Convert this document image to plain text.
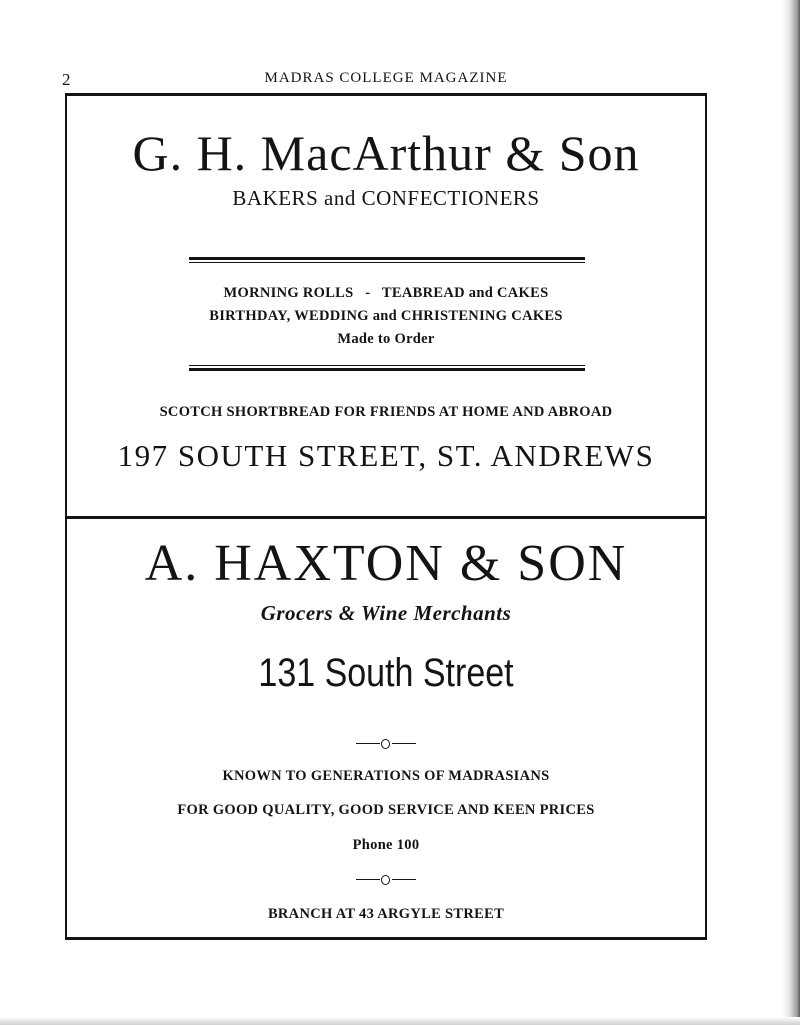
2	MADRAS COLLEGE MAGAZINE
G. H. MacArthur & Son
BAKERS and CONFECTIONERS
MORNING ROLLS   -   TEABREAD and CAKES
BIRTHDAY, WEDDING and CHRISTENING CAKES
Made to Order
SCOTCH SHORTBREAD FOR FRIENDS AT HOME AND ABROAD
197 SOUTH STREET, ST. ANDREWS
A. HAXTON & SON
Grocers & Wine Merchants
131 South Street
KNOWN TO GENERATIONS OF MADRASIANS
FOR GOOD QUALITY, GOOD SERVICE AND KEEN PRICES
Phone 100
BRANCH AT 43 ARGYLE STREET
